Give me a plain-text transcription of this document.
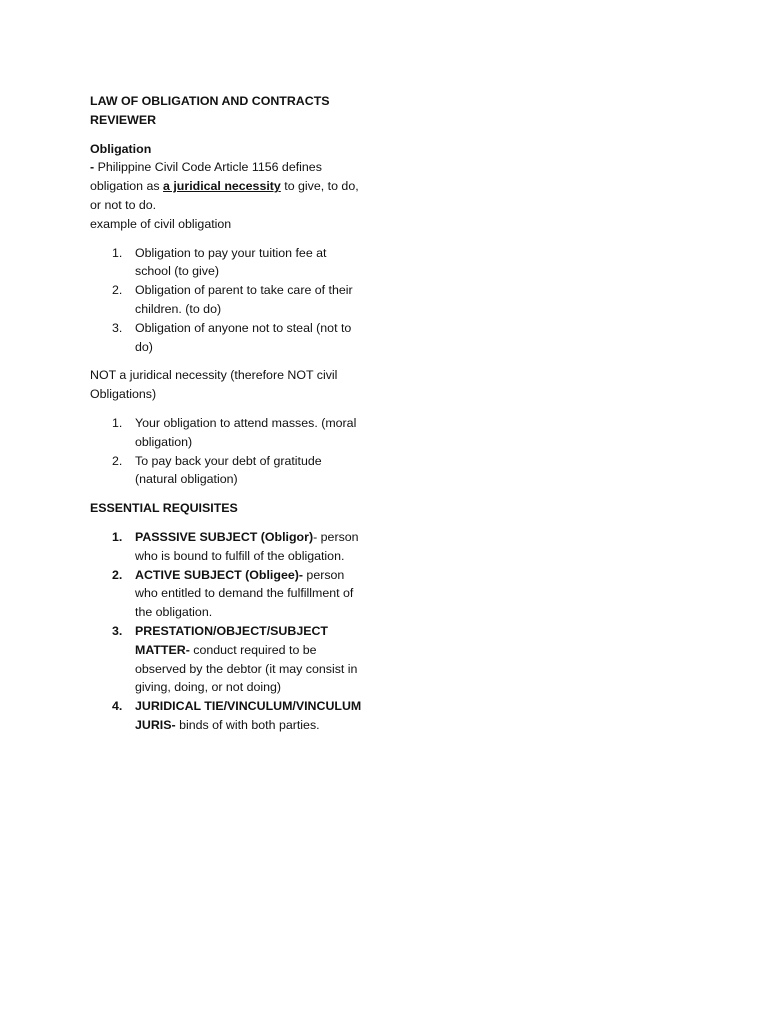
LAW OF OBLIGATION AND CONTRACTS
REVIEWER
Obligation
- Philippine Civil Code Article 1156 defines
obligation as a juridical necessity to give, to do,
or not to do.
example of civil obligation
1. Obligation to pay your tuition fee at school (to give)
2. Obligation of parent to take care of their children. (to do)
3. Obligation of anyone not to steal (not to do)
NOT a juridical necessity (therefore NOT civil Obligations)
1. Your obligation to attend masses. (moral obligation)
2. To pay back your debt of gratitude (natural obligation)
ESSENTIAL REQUISITES
1. PASSSIVE SUBJECT (Obligor)- person who is bound to fulfill of the obligation.
2. ACTIVE SUBJECT (Obligee)- person who entitled to demand the fulfillment of the obligation.
3. PRESTATION/OBJECT/SUBJECT MATTER- conduct required to be observed by the debtor (it may consist in giving, doing, or not doing)
4. JURIDICAL TIE/VINCULUM/VINCULUM JURIS- binds of with both parties.
